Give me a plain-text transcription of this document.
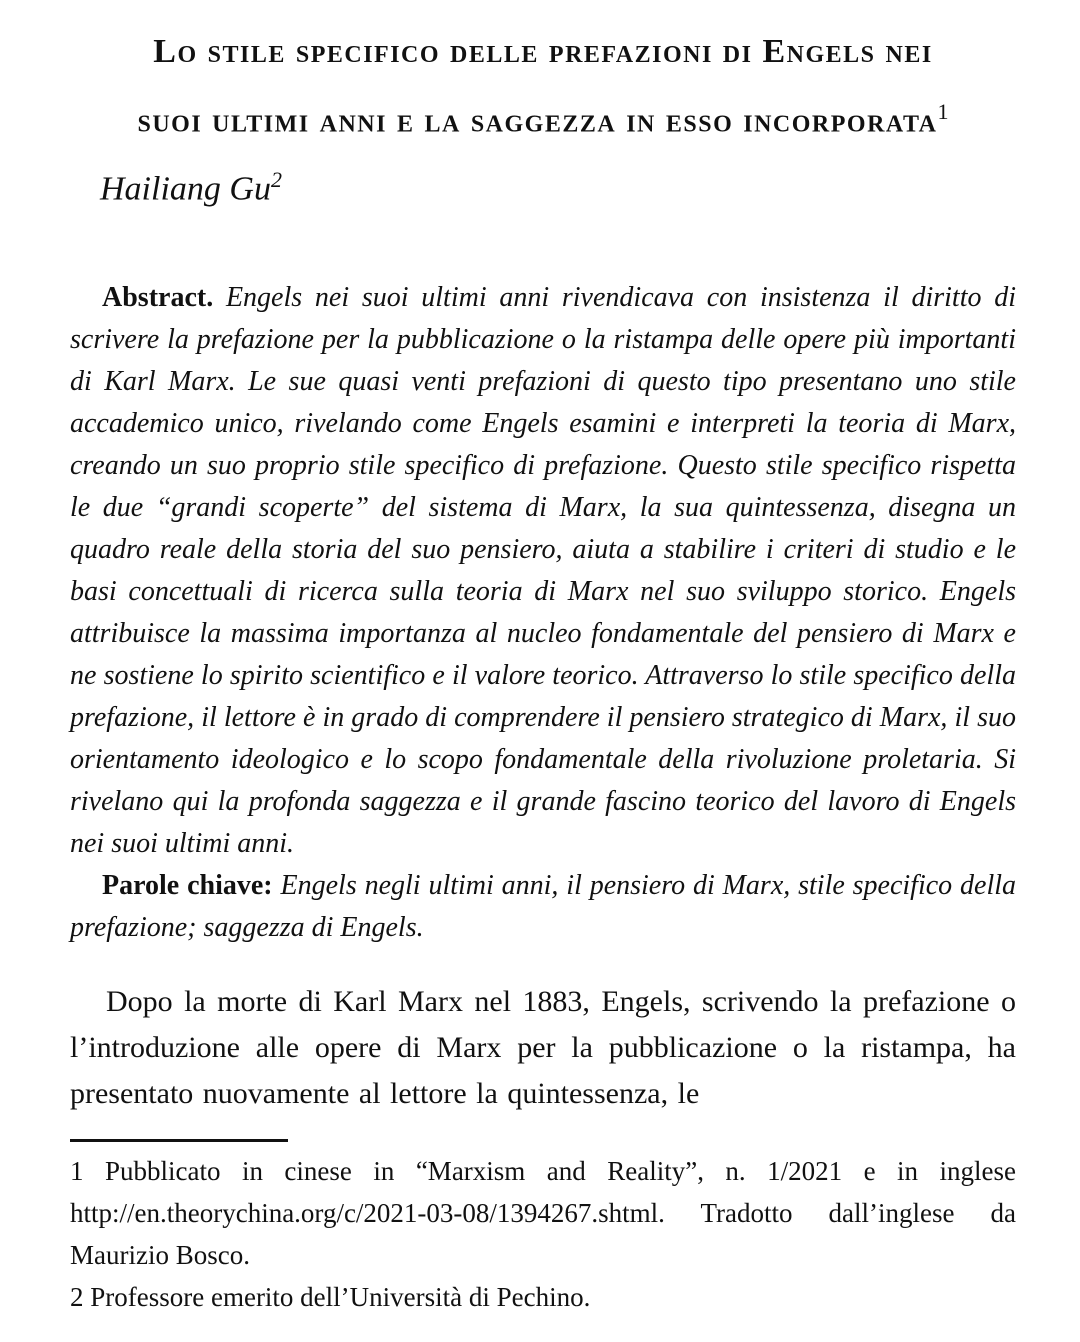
Lo stile specifico delle prefazioni di Engels nei
suoi ultimi anni e la saggezza in esso incorporata$^1$
Hailiang Gu$^2$

Abstract. Engels nei suoi ultimi anni rivendicava con insistenza il diritto di scrivere la prefazione per la pubblicazione o la ristampa delle opere più importanti di Karl Marx. Le sue quasi venti prefazioni di questo tipo presentano uno stile accademico unico, rivelando come Engels esamini e interpreti la teoria di Marx, creando un suo proprio stile specifico di prefazione. Questo stile specifico rispetta le due “grandi scoperte” del sistema di Marx, la sua quintessenza, disegna un quadro reale della storia del suo pensiero, aiuta a stabilire i criteri di studio e le basi concettuali di ricerca sulla teoria di Marx nel suo sviluppo storico. Engels attribuisce la massima importanza al nucleo fondamentale del pensiero di Marx e ne sostiene lo spirito scientifico e il valore teorico. Attraverso lo stile specifico della prefazione, il lettore è in grado di comprendere il pensiero strategico di Marx, il suo orientamento ideologico e lo scopo fondamentale della rivoluzione proletaria. Si rivelano qui la profonda saggezza e il grande fascino teorico del lavoro di Engels nei suoi ultimi anni.

Parole chiave: Engels negli ultimi anni, il pensiero di Marx, stile specifico della prefazione; saggezza di Engels.

Dopo la morte di Karl Marx nel 1883, Engels, scrivendo la prefazione o l’introduzione alle opere di Marx per la pubblicazione o la ristampa, ha presentato nuovamente al lettore la quintessenza, le

1 Pubblicato in cinese in “Marxism and Reality”, n. 1/2021 e in inglese http://en.theorychina.org/c/2021-03-08/1394267.shtml. Tradotto dall’inglese da Maurizio Bosco.

2 Professore emerito dell’Università di Pechino.
